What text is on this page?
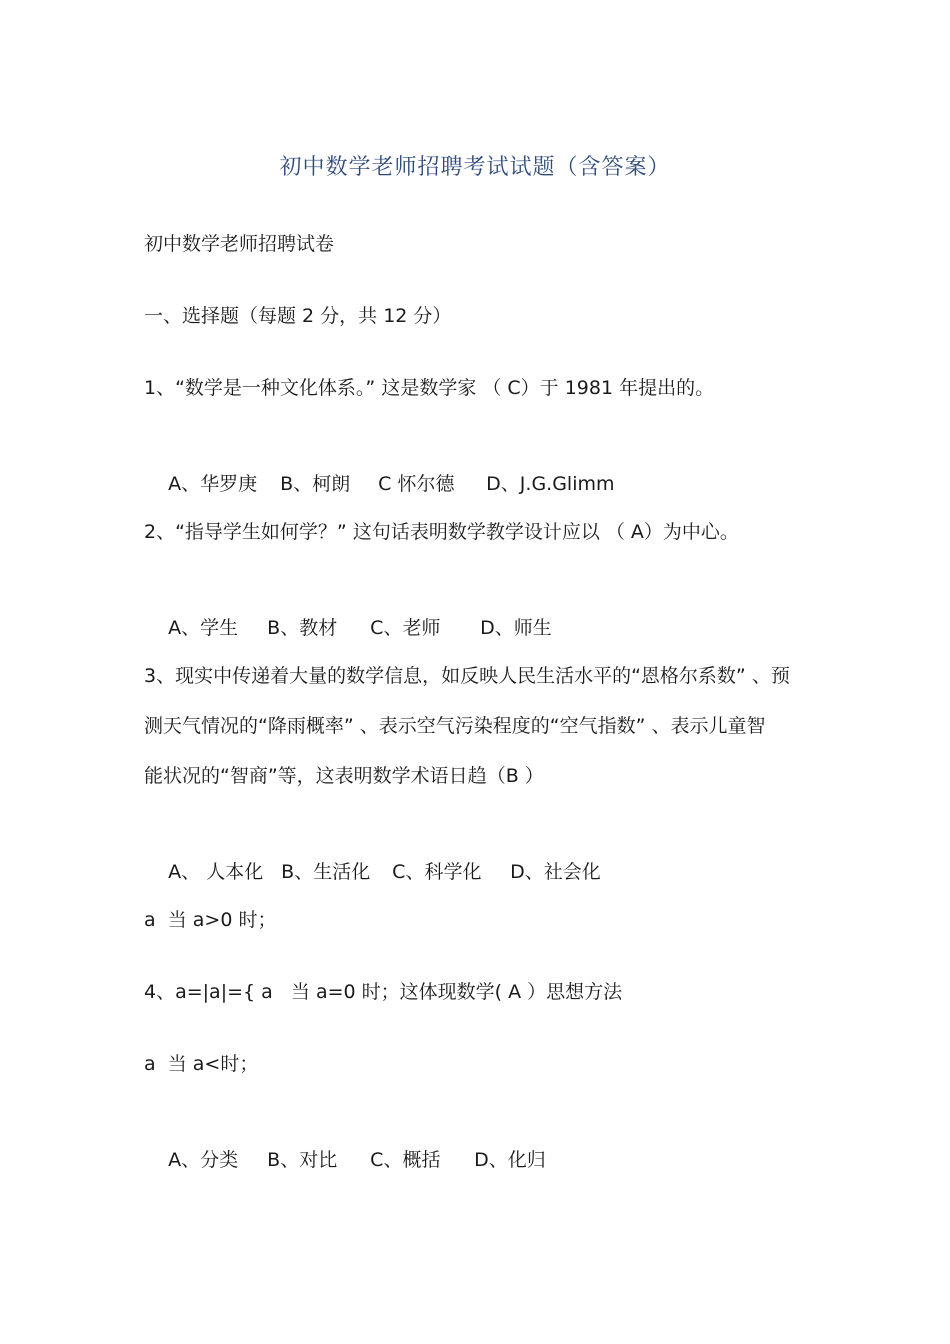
初中数学老师招聘考试试题（含答案）
初中数学老师招聘试卷
一、选择题（每题 2 分，共 12 分）
1、“数学是一种文化体系。” 这是数学家 （ C）于 1981 年提出的。

A、华罗庚 B、柯朗 C 怀尔德 D、J.G.Glimm

2、“指导学生如何学？” 这句话表明数学教学设计应以 （ A）为中心。

A、学生 B、教材 C、老师 D、师生

3、现实中传递着大量的数学信息，如反映人民生活水平的“恩格尔系数” 、预
测天气情况的“降雨概率” 、表示空气污染程度的“空气指数” 、表示儿童智
能状况的“智商”等，这表明数学术语日趋（B ）

A、 人本化 B、生活化 C、科学化 D、社会化

a  当 a>0 时；
4、a=|a|={ a   当 a=0 时；这体现数学( A ）思想方法
a  当 a<时；

A、分类 B、对比 C、概括 D、化归
